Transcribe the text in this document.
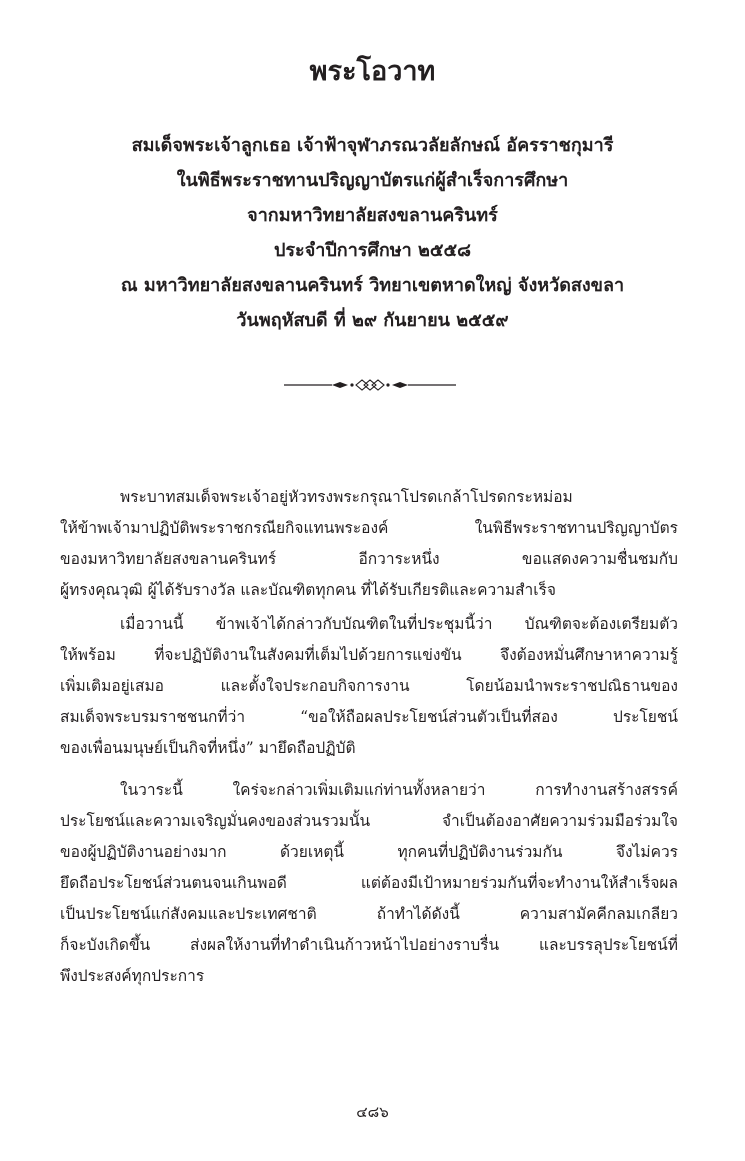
พระโอวาท
สมเด็จพระเจ้าลูกเธอ เจ้าฟ้าจุฬาภรณวลัยลักษณ์ อัครราชกุมารี
ในพิธีพระราชทานปริญญาบัตรแก่ผู้สำเร็จการศึกษา
จากมหาวิทยาลัยสงขลานครินทร์
ประจำปีการศึกษา ๒๕๕๘
ณ มหาวิทยาลัยสงขลานครินทร์ วิทยาเขตหาดใหญ่ จังหวัดสงขลา
วันพฤหัสบดี ที่ ๒๙ กันยายน ๒๕๕๙
พระบาทสมเด็จพระเจ้าอยู่หัวทรงพระกรุณาโปรดเกล้าโปรดกระหม่อม
ให้ข้าพเจ้ามาปฏิบัติพระราชกรณียกิจแทนพระองค์ ในพิธีพระราชทานปริญญาบัตร
ของมหาวิทยาลัยสงขลานครินทร์ อีกวาระหนึ่ง ขอแสดงความชื่นชมกับ
ผู้ทรงคุณวุฒิ ผู้ได้รับรางวัล และบัณฑิตทุกคน ที่ได้รับเกียรติและความสำเร็จ
เมื่อวานนี้ ข้าพเจ้าได้กล่าวกับบัณฑิตในที่ประชุมนี้ว่า บัณฑิตจะต้องเตรียมตัว
ให้พร้อม ที่จะปฏิบัติงานในสังคมที่เต็มไปด้วยการแข่งขัน จึงต้องหมั่นศึกษาหาความรู้
เพิ่มเติมอยู่เสมอ และตั้งใจประกอบกิจการงาน โดยน้อมนำพระราชปณิธานของ
สมเด็จพระบรมราชชนกที่ว่า “ขอให้ถือผลประโยชน์ส่วนตัวเป็นที่สอง ประโยชน์
ของเพื่อนมนุษย์เป็นกิจที่หนึ่ง” มายึดถือปฏิบัติ
ในวาระนี้ ใคร่จะกล่าวเพิ่มเติมแก่ท่านทั้งหลายว่า การทำงานสร้างสรรค์
ประโยชน์และความเจริญมั่นคงของส่วนรวมนั้น จำเป็นต้องอาศัยความร่วมมือร่วมใจ
ของผู้ปฏิบัติงานอย่างมาก ด้วยเหตุนี้ ทุกคนที่ปฏิบัติงานร่วมกัน จึงไม่ควร
ยึดถือประโยชน์ส่วนตนจนเกินพอดี แต่ต้องมีเป้าหมายร่วมกันที่จะทำงานให้สำเร็จผล
เป็นประโยชน์แก่สังคมและประเทศชาติ ถ้าทำได้ดังนี้ ความสามัคคีกลมเกลียว
ก็จะบังเกิดขึ้น ส่งผลให้งานที่ทำดำเนินก้าวหน้าไปอย่างราบรื่น และบรรลุประโยชน์ที่
พึงประสงค์ทุกประการ
๔๘๖
